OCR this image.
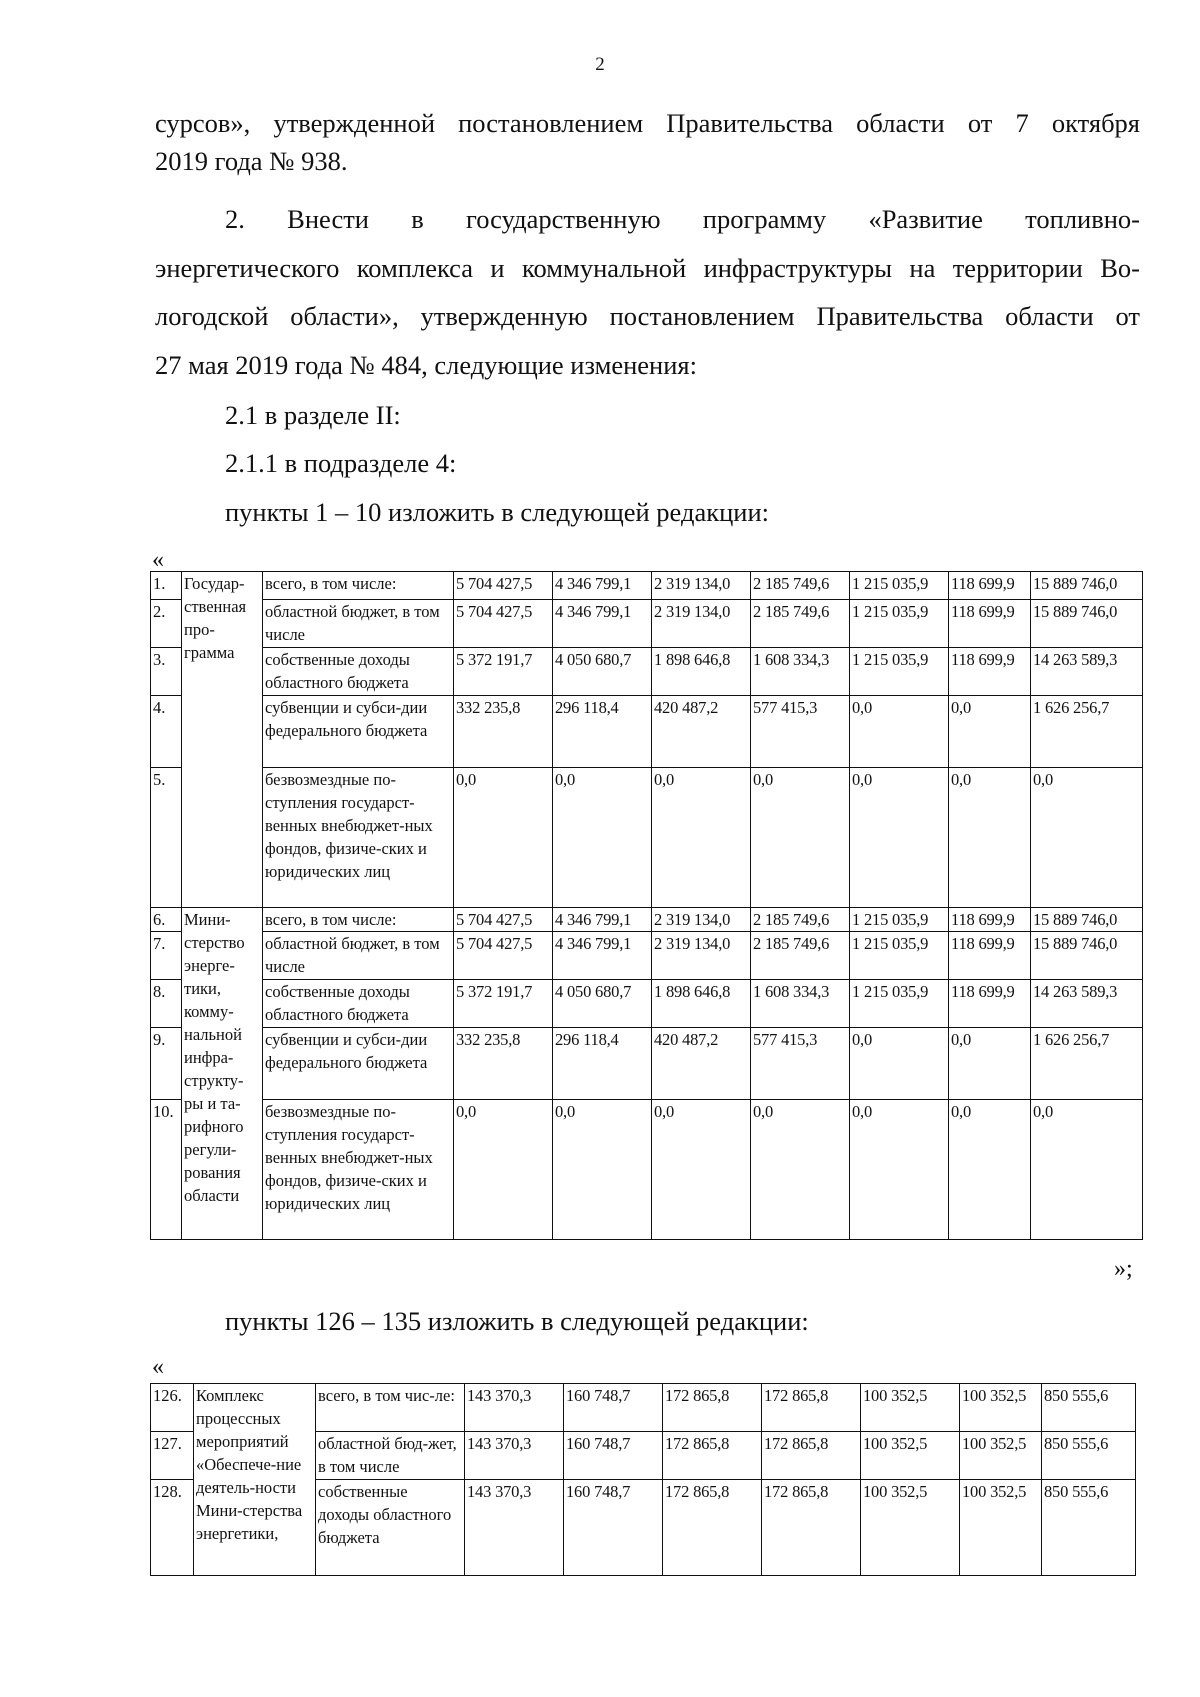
2
сурсов», утвержденной постановлением Правительства области от 7 октября
2019 года № 938.
2. Внести в государственную программу «Развитие топливно-
энергетического комплекса и коммунальной инфраструктуры на территории Во-
логодской области», утвержденную постановлением Правительства области от
27 мая 2019 года № 484, следующие изменения:
2.1 в разделе II:
2.1.1 в подразделе 4:
пункты 1 – 10 изложить в следующей редакции:
«
1.	Государ-ственная про-грамма	всего, в том числе:	5 704 427,5	4 346 799,1	2 319 134,0	2 185 749,6	1 215 035,9	118 699,9	15 889 746,0
2.		областной бюджет, в том числе	5 704 427,5	4 346 799,1	2 319 134,0	2 185 749,6	1 215 035,9	118 699,9	15 889 746,0
3.		собственные доходы областного бюджета	5 372 191,7	4 050 680,7	1 898 646,8	1 608 334,3	1 215 035,9	118 699,9	14 263 589,3
4.		субвенции и субси-дии федерального бюджета	332 235,8	296 118,4	420 487,2	577 415,3	0,0	0,0	1 626 256,7
5.		безвозмездные по-ступления государст-венных внебюджет-ных фондов, физиче-ских и юридических лиц	0,0	0,0	0,0	0,0	0,0	0,0	0,0
6.	Мини-стерство энерге-тики, комму-нальной инфра-структу-ры и та-рифного регули-рования области	всего, в том числе:	5 704 427,5	4 346 799,1	2 319 134,0	2 185 749,6	1 215 035,9	118 699,9	15 889 746,0
7.		областной бюджет, в том числе	5 704 427,5	4 346 799,1	2 319 134,0	2 185 749,6	1 215 035,9	118 699,9	15 889 746,0
8.		собственные доходы областного бюджета	5 372 191,7	4 050 680,7	1 898 646,8	1 608 334,3	1 215 035,9	118 699,9	14 263 589,3
9.		субвенции и субси-дии федерального бюджета	332 235,8	296 118,4	420 487,2	577 415,3	0,0	0,0	1 626 256,7
10.		безвозмездные по-ступления государст-венных внебюджет-ных фондов, физиче-ских и юридических лиц	0,0	0,0	0,0	0,0	0,0	0,0	0,0
»;
пункты 126 – 135 изложить в следующей редакции:
«
126.	Комплекс процессных мероприятий «Обеспече-ние деятель-ности Мини-стерства энергетики,	всего, в том чис-ле:	143 370,3	160 748,7	172 865,8	172 865,8	100 352,5	100 352,5	850 555,6
127.		областной бюд-жет, в том числе	143 370,3	160 748,7	172 865,8	172 865,8	100 352,5	100 352,5	850 555,6
128.		собственные доходы областного бюджета	143 370,3	160 748,7	172 865,8	172 865,8	100 352,5	100 352,5	850 555,6
